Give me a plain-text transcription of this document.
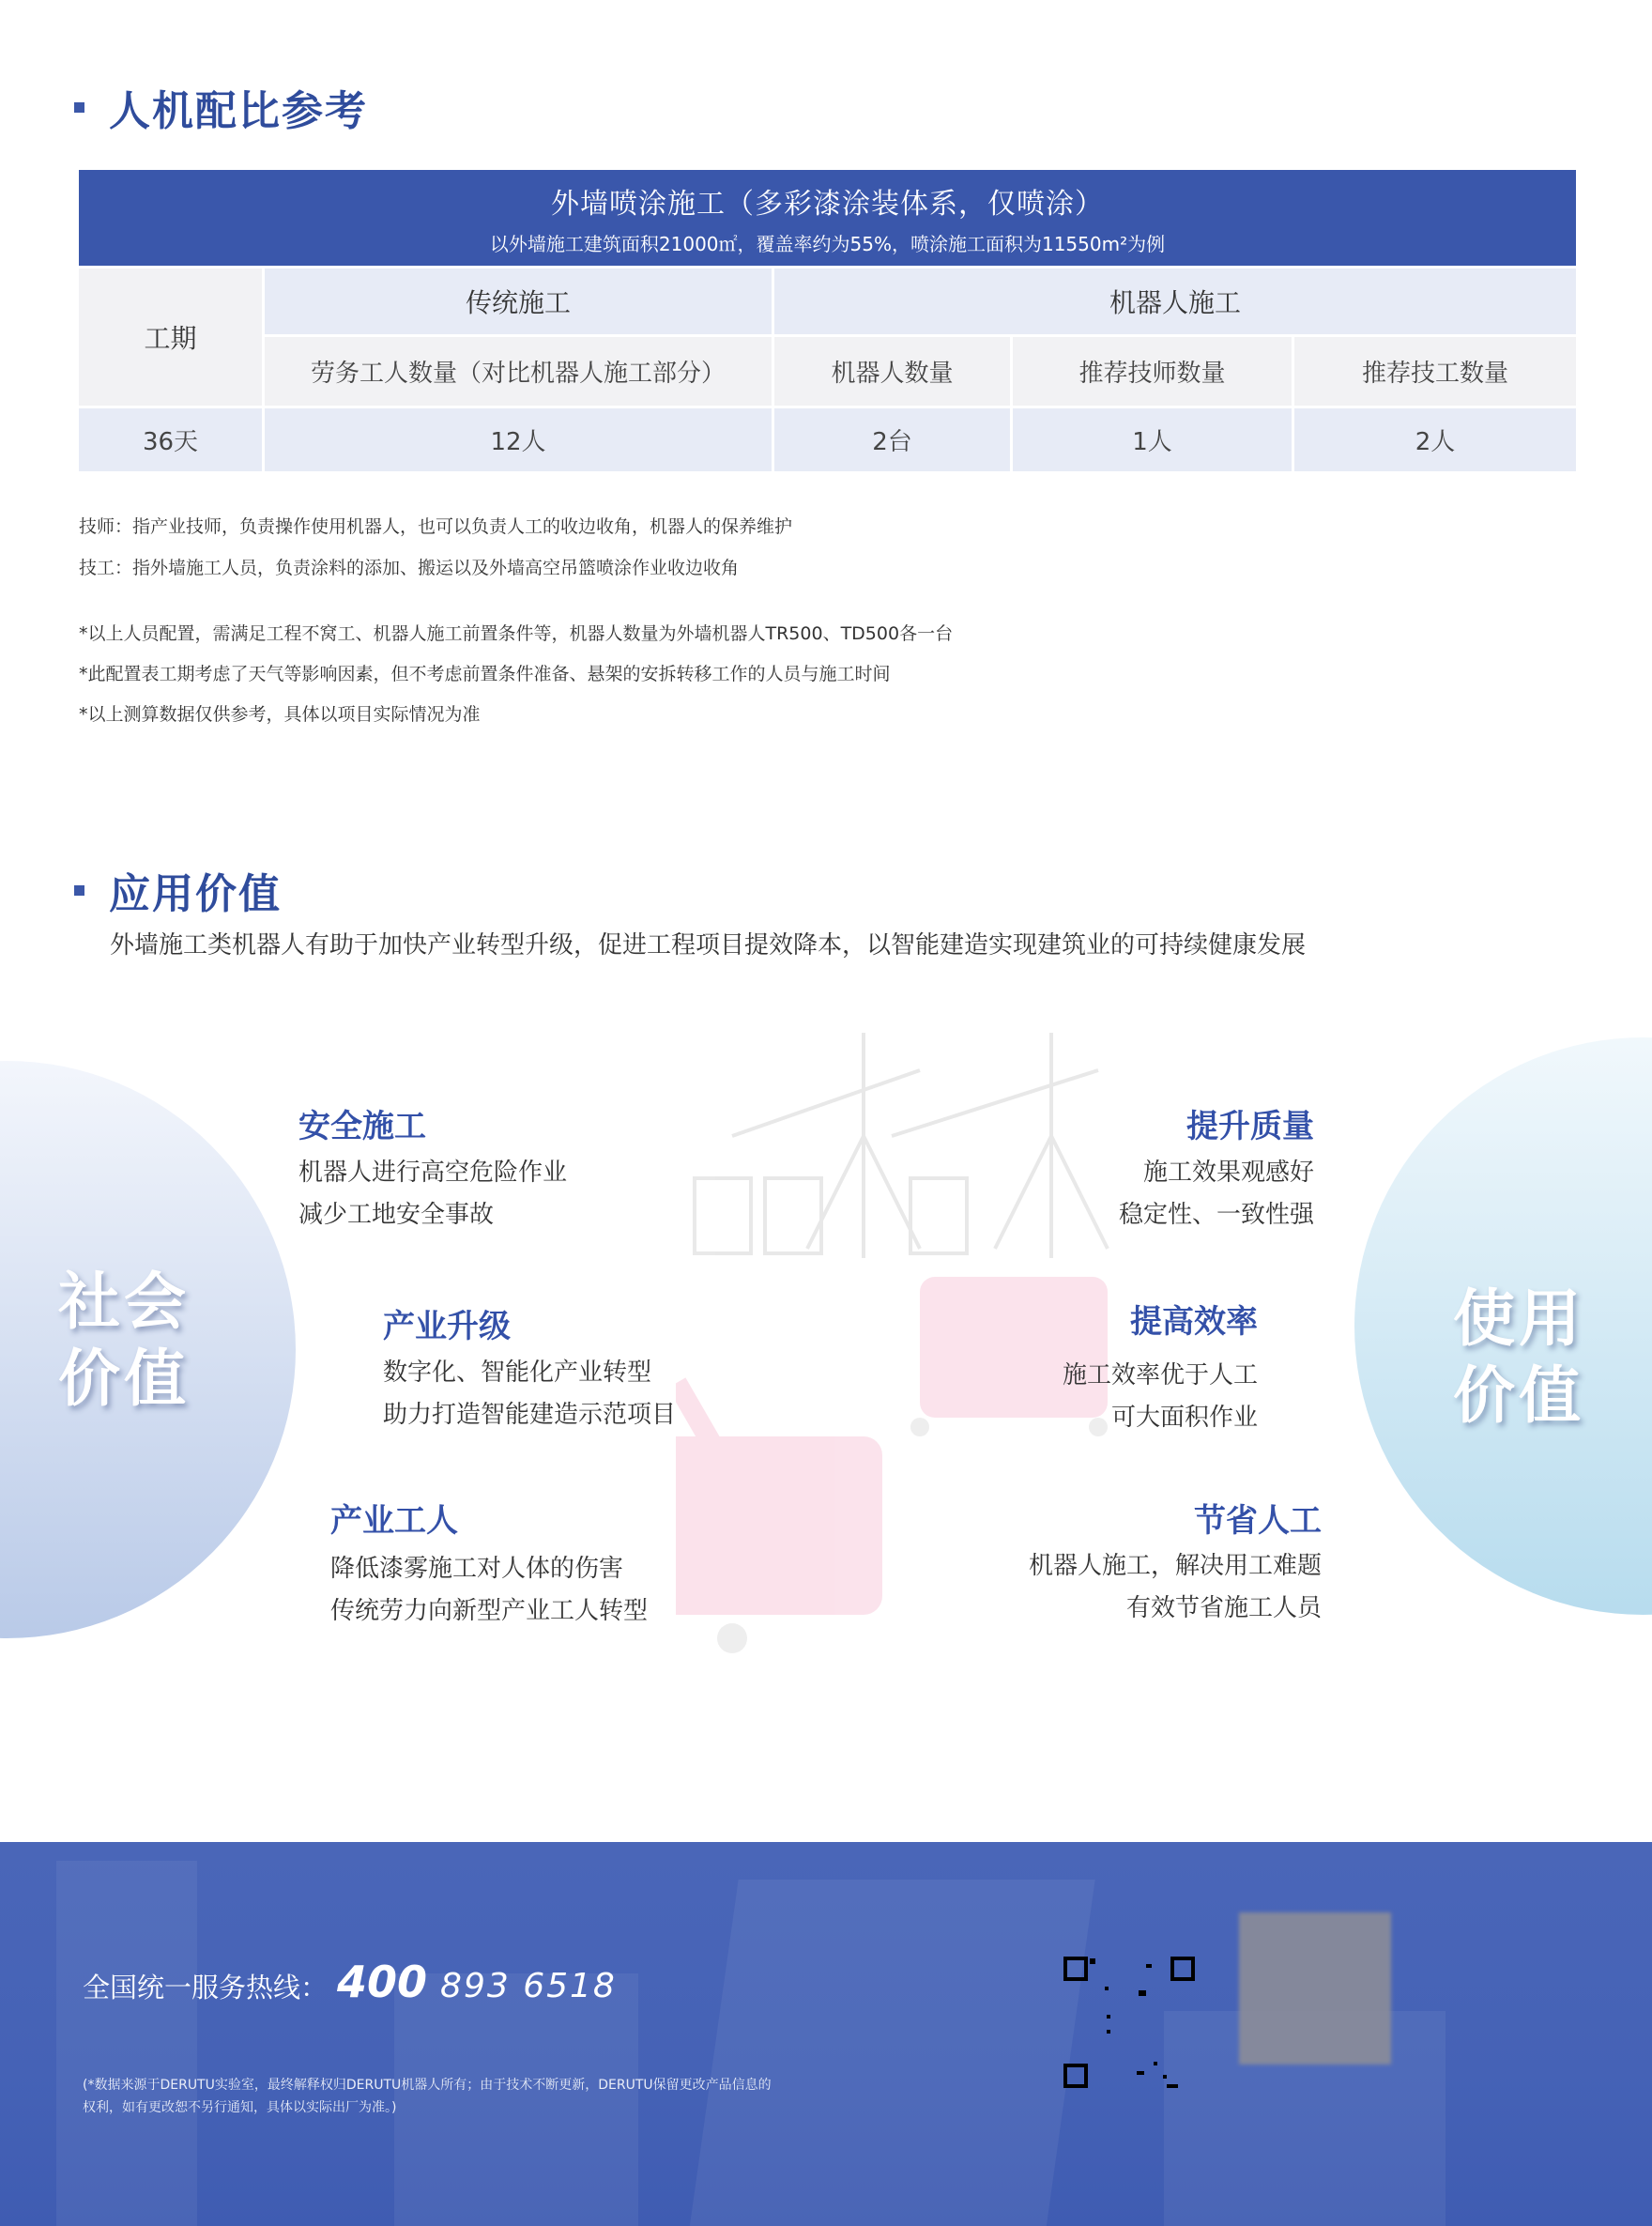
人机配比参考
外墙喷涂施工（多彩漆涂装体系，仅喷涂）
以外墙施工建筑面积21000㎡，覆盖率约为55%，喷涂施工面积为11550m²为例				

工期	传统施工	机器人施工		
	劳务工人数量（对比机器人施工部分）	机器人数量	推荐技师数量	推荐技工数量
36天	12人	2台	1人	2人
技师：指产业技师，负责操作使用机器人，也可以负责人工的收边收角，机器人的保养维护
技工：指外墙施工人员，负责涂料的添加、搬运以及外墙高空吊篮喷涂作业收边收角
*以上人员配置，需满足工程不窝工、机器人施工前置条件等，机器人数量为外墙机器人TR500、TD500各一台
*此配置表工期考虑了天气等影响因素，但不考虑前置条件准备、悬架的安拆转移工作的人员与施工时间
*以上测算数据仅供参考，具体以项目实际情况为准
应用价值
外墙施工类机器人有助于加快产业转型升级，促进工程项目提效降本，以智能建造实现建筑业的可持续健康发展
社会
价值
使用
价值
安全施工
机器人进行高空危险作业
减少工地安全事故
产业升级
数字化、智能化产业转型
助力打造智能建造示范项目
产业工人
降低漆雾施工对人体的伤害
传统劳力向新型产业工人转型
提升质量
施工效果观感好
稳定性、一致性强
提高效率
施工效率优于人工
可大面积作业
节省人工
机器人施工，解决用工难题
有效节省施工人员
全国统一服务热线： 400 893 6518
(*数据来源于DERUTU实验室，最终解释权归DERUTU机器人所有；由于技术不断更新，DERUTU保留更改产品信息的
权利，如有更改恕不另行通知，具体以实际出厂为准。)
